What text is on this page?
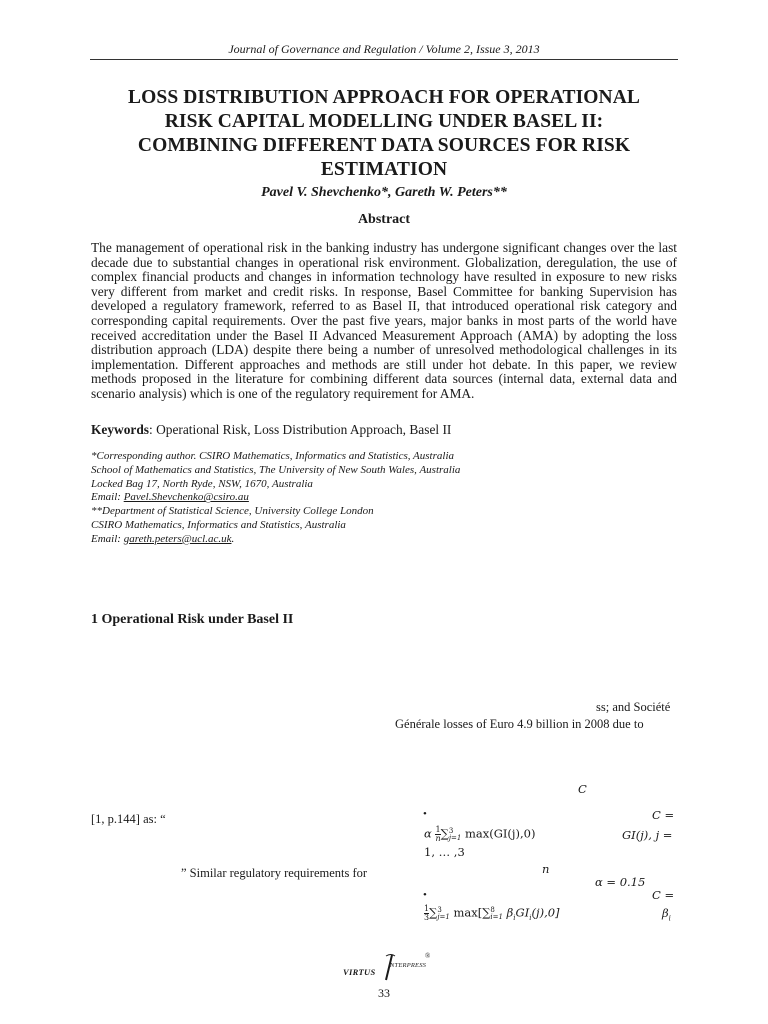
Journal of Governance and Regulation / Volume 2, Issue 3, 2013
LOSS DISTRIBUTION APPROACH FOR OPERATIONAL
RISK CAPITAL MODELLING UNDER BASEL II:
COMBINING DIFFERENT DATA SOURCES FOR RISK
ESTIMATION
Pavel V. Shevchenko*, Gareth W. Peters**
Abstract
The management of operational risk in the banking industry has undergone significant changes over the last decade due to substantial changes in operational risk environment. Globalization, deregulation, the use of complex financial products and changes in information technology have resulted in exposure to new risks very different from market and credit risks. In response, Basel Committee for banking Supervision has developed a regulatory framework, referred to as Basel II, that introduced operational risk category and corresponding capital requirements. Over the past five years, major banks in most parts of the world have received accreditation under the Basel II Advanced Measurement Approach (AMA) by adopting the loss distribution approach (LDA) despite there being a number of unresolved methodological challenges in its implementation. Different approaches and methods are still under hot debate. In this paper, we review methods proposed in the literature for combining different data sources (internal data, external data and scenario analysis) which is one of the regulatory requirement for AMA.
Keywords: Operational Risk, Loss Distribution Approach, Basel II
*Corresponding author. CSIRO Mathematics, Informatics and Statistics, Australia
School of Mathematics and Statistics, The University of New South Wales, Australia
Locked Bag 17, North Ryde, NSW, 1670, Australia
Email: Pavel.Shevchenko@csiro.au
**Department of Statistical Science, University College London
CSIRO Mathematics, Informatics and Statistics, Australia
Email: gareth.peters@ucl.ac.uk.
1 Operational Risk under Basel II
ss; and Société
Générale losses of Euro 4.9 billion in 2008 due to
C
[1, p.144] as: “	•	C =
α $\frac{1}{n}$ ∑ 3
j=1 max(GI(j),0)	GI(j), j =
1, … ,3
” Similar regulatory requirements for	n
α = 0.15
•	C =
$\frac{1}{3}$ ∑ 3
j=1 max[∑ 8
i=1 $\beta_iGI_i(j),0$]	$\beta_i$
VIRTUS
NTERPRESS
®
33
